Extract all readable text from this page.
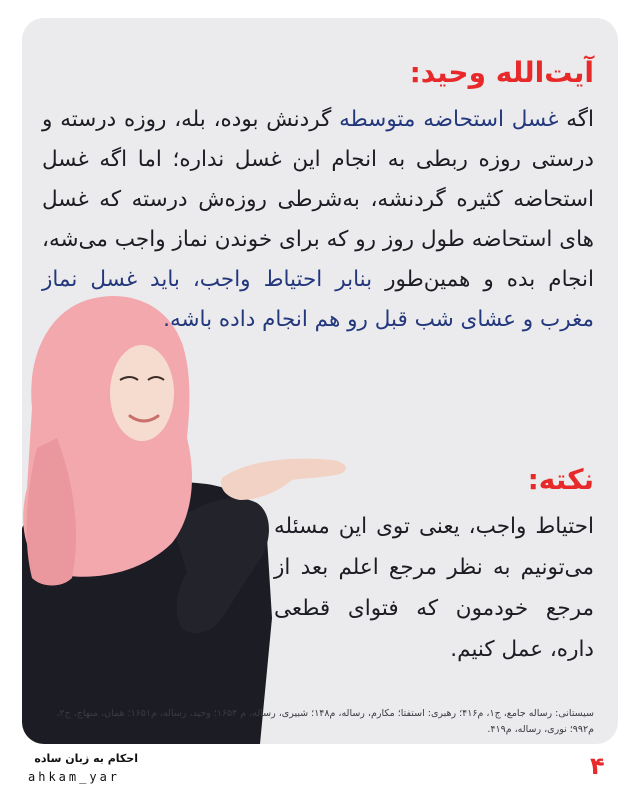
آیت‌الله وحید:

اگه غسل استحاضه متوسطه گردنش بوده، بله، روزه درسته و درستی روزه ربطی به انجام این غسل نداره؛ اما اگه غسل استحاضه کثیره گردنشه، به‌شرطی روزه‌ش درسته که غسل های استحاضه طول روز رو که برای خوندن نماز واجب می‌شه، انجام بده و همین‌طور بنابر احتیاط واجب، باید غسل نماز مغرب و عشای شب قبل رو هم انجام داده باشه.

نکته:

احتیاط واجب، یعنی توی این مسئله می‌تونیم به نظر مرجع اعلم بعد از مرجع خودمون که فتوای قطعی داره، عمل کنیم.

سیستانی: رساله جامع، ج۱، م۴۱۶؛ رهبری: استفتا؛ مکارم، رساله، م۱۴۸؛ شبیری، رساله، م ۱۶۵۴؛ وحید، رساله، م۱۶۵۱؛ همان، منهاج، ج۲، م۹۹۲؛ نوری، رساله، م۴۱۹.

احکام به زبان ساده
ahkam_yar	۴
